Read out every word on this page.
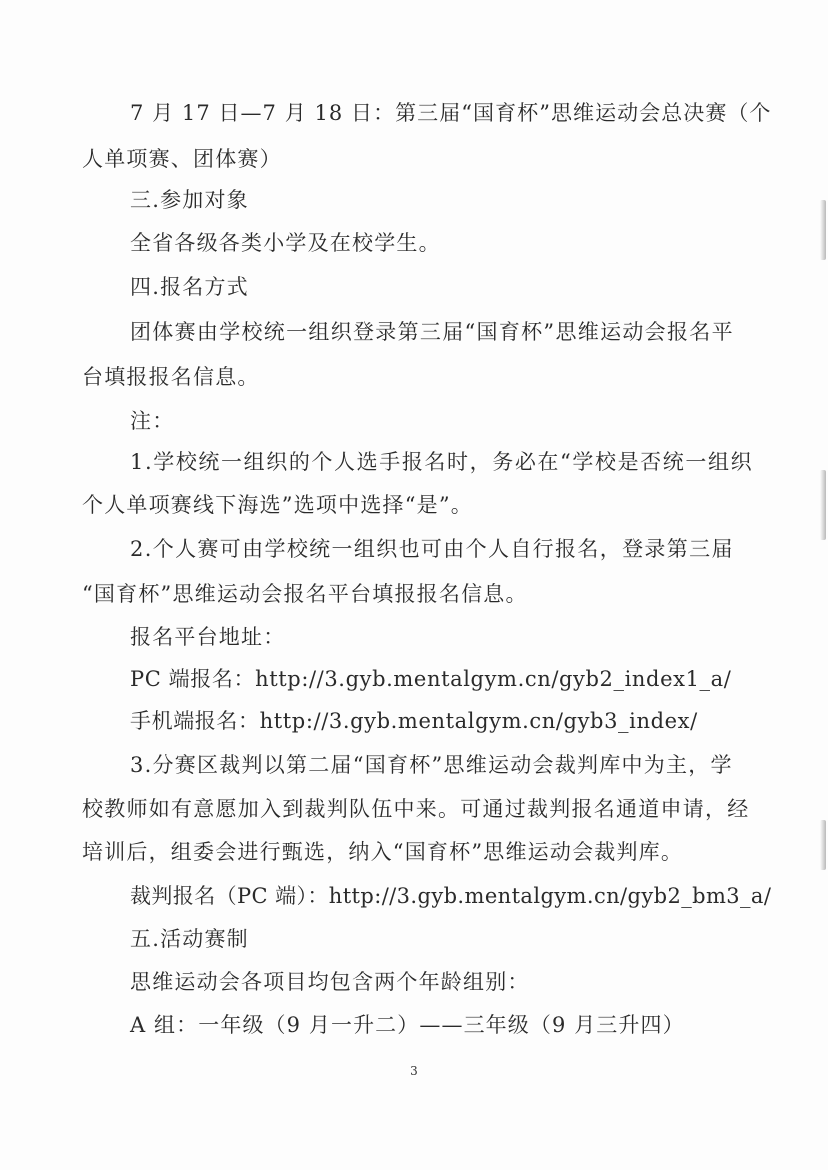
7 月 17 日—7 月 18 日：第三届“国育杯”思维运动会总决赛（个
人单项赛、团体赛）
三.参加对象
全省各级各类小学及在校学生。
四.报名方式
团体赛由学校统一组织登录第三届“国育杯”思维运动会报名平
台填报报名信息。
注：
1.学校统一组织的个人选手报名时，务必在“学校是否统一组织
个人单项赛线下海选”选项中选择“是”。
2.个人赛可由学校统一组织也可由个人自行报名，登录第三届
“国育杯”思维运动会报名平台填报报名信息。
报名平台地址：
PC 端报名：http://3.gyb.mentalgym.cn/gyb2_index1_a/
手机端报名：http://3.gyb.mentalgym.cn/gyb3_index/
3.分赛区裁判以第二届“国育杯”思维运动会裁判库中为主，学
校教师如有意愿加入到裁判队伍中来。可通过裁判报名通道申请，经
培训后，组委会进行甄选，纳入“国育杯”思维运动会裁判库。
裁判报名（PC 端）：http://3.gyb.mentalgym.cn/gyb2_bm3_a/
五.活动赛制
思维运动会各项目均包含两个年龄组别：
A 组：一年级（9 月一升二）——三年级（9 月三升四）
3
